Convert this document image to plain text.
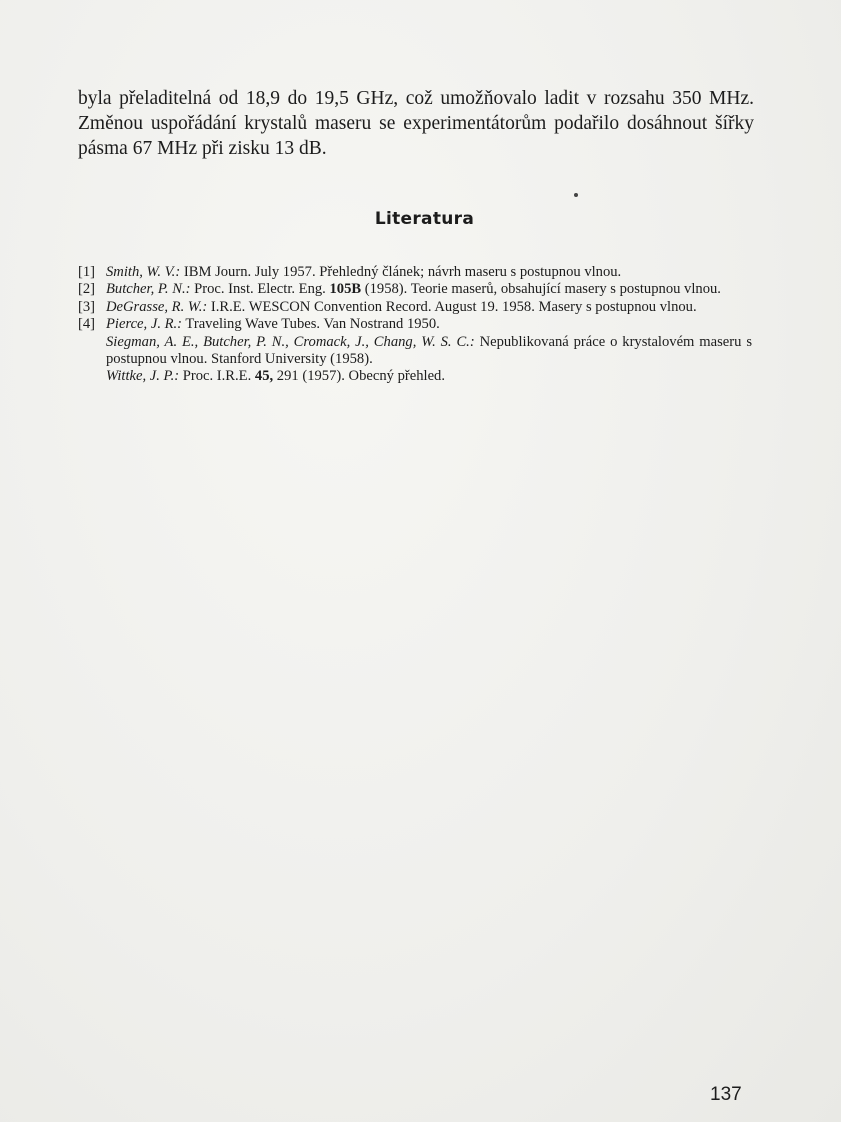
byla přeladitelná od 18,9 do 19,5 GHz, což umožňovalo ladit v rozsahu 350 MHz. Změnou uspořádání krystalů maseru se experimentátorům podařilo dosáhnout šířky pásma 67 MHz při zisku 13 dB.

Literatura
[1] Smith, W. V.: IBM Journ. July 1957. Přehledný článek; návrh maseru s postupnou vlnou.
[2] Butcher, P. N.: Proc. Inst. Electr. Eng. 105B (1958). Teorie maserů, obsahující masery s postupnou vlnou.
[3] DeGrasse, R. W.: I.R.E. WESCON Convention Record. August 19. 1958. Masery s postupnou vlnou.
[4] Pierce, J. R.: Traveling Wave Tubes. Van Nostrand 1950.
Siegman, A. E., Butcher, P. N., Cromack, J., Chang, W. S. C.: Nepublikovaná práce o krystalovém maseru s postupnou vlnou. Stanford University (1958).
Wittke, J. P.: Proc. I.R.E. 45, 291 (1957). Obecný přehled.
137
